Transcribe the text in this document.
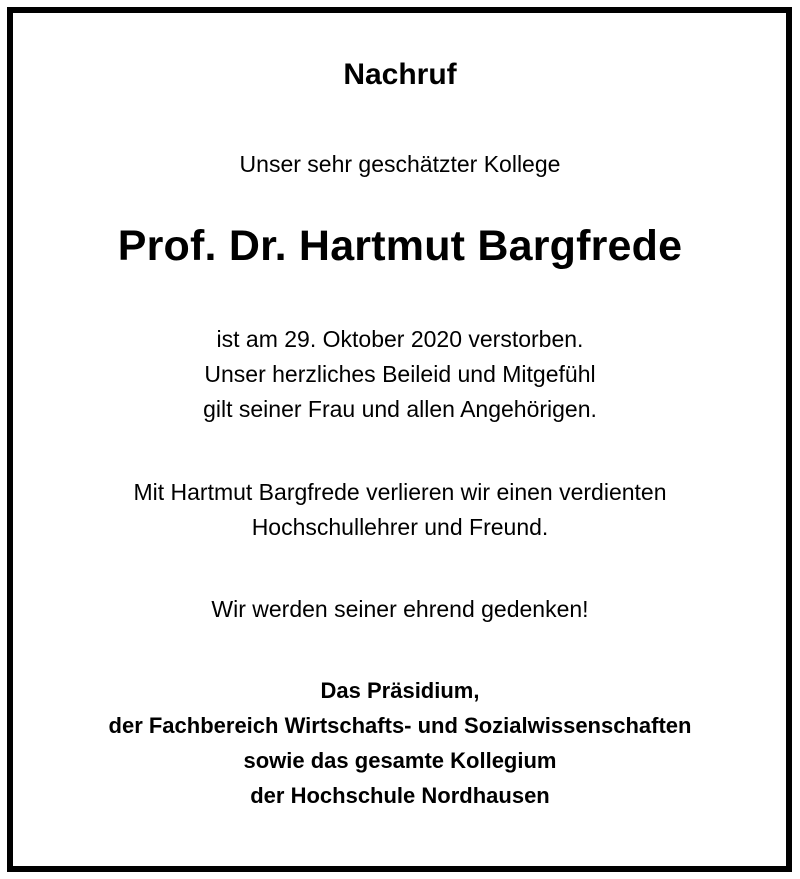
Nachruf
Unser sehr geschätzter Kollege
Prof. Dr. Hartmut Bargfrede
ist am 29. Oktober 2020 verstorben.
Unser herzliches Beileid und Mitgefühl
gilt seiner Frau und allen Angehörigen.
Mit Hartmut Bargfrede verlieren wir einen verdienten
Hochschullehrer und Freund.
Wir werden seiner ehrend gedenken!
Das Präsidium,
der Fachbereich Wirtschafts- und Sozialwissenschaften
sowie das gesamte Kollegium
der Hochschule Nordhausen
